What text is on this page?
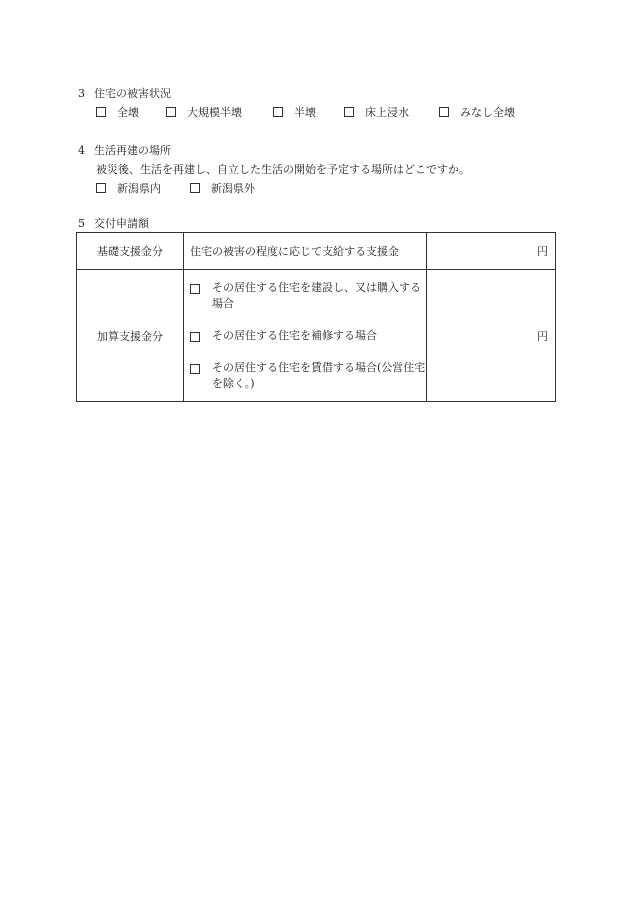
3 住宅の被害状況
全壊	大規模半壊	半壊	床上浸水	みなし全壊
4 生活再建の場所
被災後、生活を再建し、自立した生活の開始を予定する場所はどこですか。
新潟県内	新潟県外
5 交付申請額
基礎支援金分	住宅の被害の程度に応じて支給する支援金	円
加算支援金分	その居住する住宅を建設し、又は購入する場合

その居住する住宅を補修する場合

その居住する住宅を賃借する場合(公営住宅を除く。)	円
